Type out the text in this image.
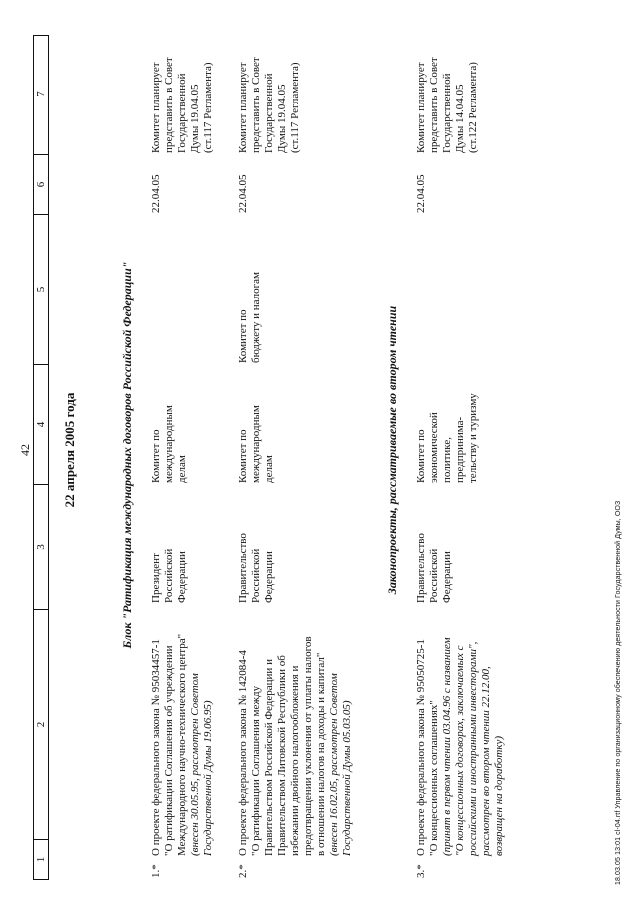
42
1
2
3
4
5
6
7
22 апреля 2005 года	Блок "Ратификация международных договоров Российской Федерации"
1.*

О проекте федерального закона № 95034457-1 "О ратификации Соглашения об учреждении Международного научно-технического центра" (внесен 30.05.95, рассмотрен Советом Государственной Думы 19.06.95)

Президент Российской Федерации

Комитет по международным делам

22.04.05

Комитет планирует представить в Совет Государственной Думы 19.04.05 (ст.117 Регламента)

2.*

О проекте федерального закона № 142084-4 "О ратификации Соглашения между Правительством Российской Федерации и Правительством Литовской Республики об избежании двойного налогообложения и предотвращении уклонения от уплаты налогов в отношении налогов на доходы и капитал" (внесен 16.02.05, рассмотрен Советом Государственной Думы 05.03.05)

Правительство Российской Федерации

Комитет по международным делам

Комитет по бюджету и налогам

22.04.05

Комитет планирует представить в Совет Государственной Думы 19.04.05 (ст.117 Регламента)

Законопроекты, рассматриваемые во втором чтении
3.*

О проекте федерального закона № 95050725-1 "О концессионных соглашениях" (принят в первом чтении 03.04.96 с названием "О концессионных договорах, заключаемых с российскими и иностранными инвесторами", рассмотрен во втором чтении 22.12.00, возвращен на доработку)

Правительство Российской Федерации

Комитет по экономической политике, предпринима- тельству и туризму

22.04.05

Комитет планирует представить в Совет Государственной Думы 14.04.05 (ст.122 Регламента)

18.03.05 13:01 cl-04.rtf Управление по организационному обеспечению деятельности Государственной Думы, ООЗ
